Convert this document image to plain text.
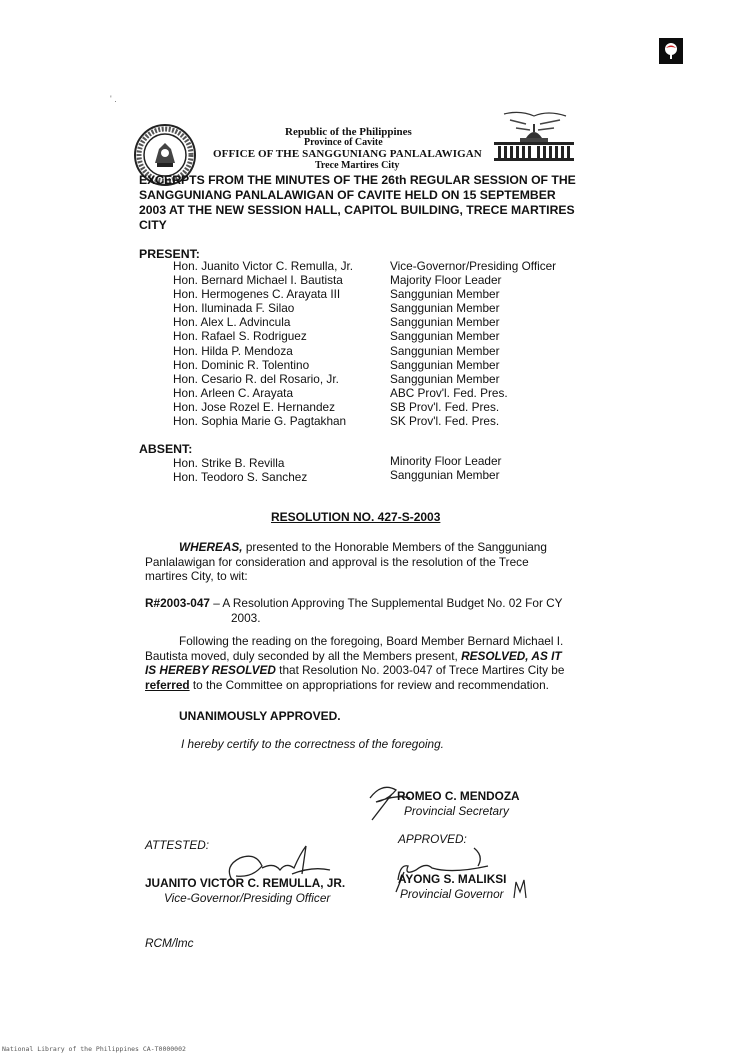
' .
Republic of the Philippines
Province of Cavite
OFFICE OF THE SANGGUNIANG PANLALAWIGAN
Trece Martires City
EXCERPTS FROM THE MINUTES OF THE 26th REGULAR SESSION OF THE
SANGGUNIANG PANLALAWIGAN OF CAVITE HELD ON 15 SEPTEMBER
2003 AT THE NEW SESSION HALL, CAPITOL BUILDING, TRECE MARTIRES
CITY
PRESENT:
Hon. Juanito Victor C. Remulla, Jr.
Hon. Bernard Michael I. Bautista
Hon. Hermogenes C. Arayata III
Hon. Iluminada F. Silao
Hon. Alex L. Advincula
Hon. Rafael S. Rodriguez
Hon. Hilda P. Mendoza
Hon. Dominic R. Tolentino
Hon. Cesario R. del Rosario, Jr.
Hon. Arleen C. Arayata
Hon. Jose Rozel E. Hernandez
Hon. Sophia Marie G. Pagtakhan
Vice-Governor/Presiding Officer
Majority Floor Leader
Sanggunian Member
Sanggunian Member
Sanggunian Member
Sanggunian Member
Sanggunian Member
Sanggunian Member
Sanggunian Member
ABC Prov'l. Fed. Pres.
SB Prov'l. Fed. Pres.
SK Prov'l. Fed. Pres.
ABSENT:
Hon. Strike B. Revilla
Hon. Teodoro S. Sanchez
Minority Floor Leader
Sanggunian Member
RESOLUTION NO. 427-S-2003
WHEREAS, presented to the Honorable Members of the Sangguniang
Panlalawigan for consideration and approval is the resolution of the Trece
martires City, to wit:
R#2003-047 – A Resolution Approving The Supplemental Budget No. 02 For CY
2003.
Following the reading on the foregoing, Board Member Bernard Michael I.
Bautista moved, duly seconded by all the Members present, RESOLVED, AS IT
IS HEREBY RESOLVED that Resolution No. 2003-047 of Trece Martires City be
referred to the Committee on appropriations for review and recommendation.
UNANIMOUSLY APPROVED.
I hereby certify to the correctness of the foregoing.
ROMEO C. MENDOZA
Provincial Secretary
ATTESTED:	APPROVED:
JUANITO VICTOR C. REMULLA, JR.
Vice-Governor/Presiding Officer
AYONG S. MALIKSI
Provincial Governor
RCM/lmc
National Library of the Philippines CA-T0000002
